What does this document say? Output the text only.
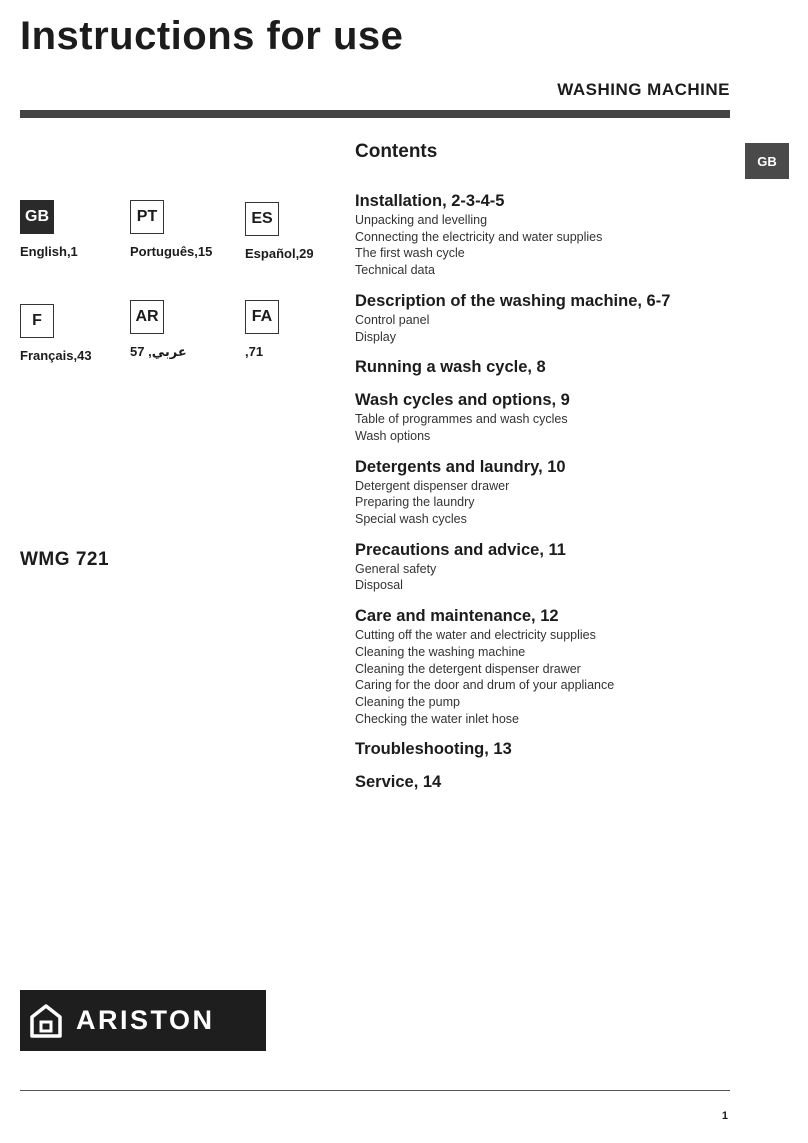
Instructions for use
WASHING MACHINE
GB
Contents
GB
English,1
PT
Português,15
ES
Español,29
F
Français,43
AR
عربي, 57
FA
,71
WMG 721
Installation, 2-3-4-5
Unpacking and levelling
Connecting the electricity and water supplies
The first wash cycle
Technical data
Description of the washing machine, 6-7
Control panel
Display
Running a wash cycle, 8
Wash cycles and options, 9
Table of programmes and wash cycles
Wash options
Detergents and laundry, 10
Detergent dispenser drawer
Preparing the laundry
Special wash cycles
Precautions and advice, 11
General safety
Disposal
Care and maintenance, 12
Cutting off the water and electricity supplies
Cleaning the washing machine
Cleaning the detergent dispenser drawer
Caring for the door and drum of your appliance
Cleaning the pump
Checking the water inlet hose
Troubleshooting, 13
Service, 14
ARISTON
1
